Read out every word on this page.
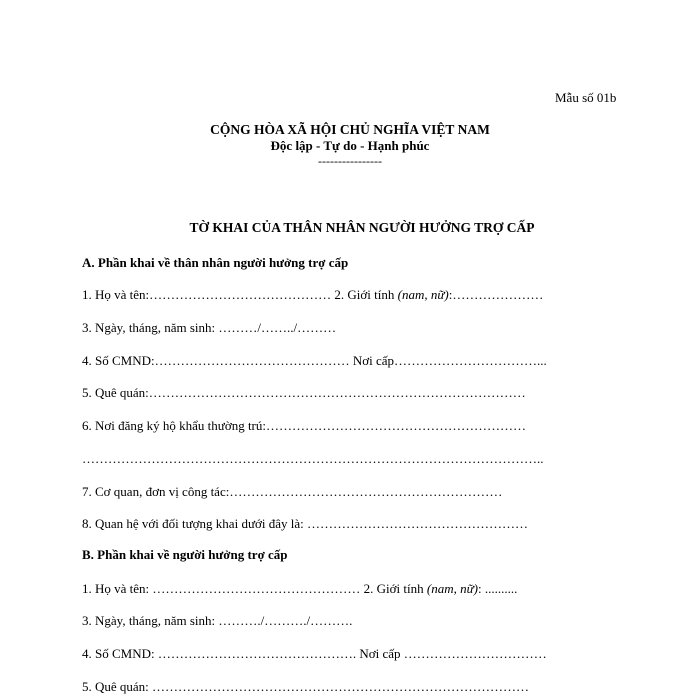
Mẫu số 01b
CỘNG HÒA XÃ HỘI CHỦ NGHĨA VIỆT NAM
Độc lập - Tự do - Hạnh phúc
----------------
TỜ KHAI CỦA THÂN NHÂN NGƯỜI HƯỞNG TRỢ CẤP
A. Phần khai về thân nhân người hưởng trợ cấp
1. Họ và tên:…………………………………… 2. Giới tính (nam, nữ):…………………
3. Ngày, tháng, năm sinh: ………/……../………
4. Số CMND:……………………………………… Nơi cấp……………………………...
5. Quê quán:……………………………………………………………………………
6. Nơi đăng ký hộ khẩu thường trú:……………………………………………………
……………………………………………………………………………………………..
7. Cơ quan, đơn vị công tác:………………………………………………………
8. Quan hệ với đối tượng khai dưới đây là: ……………………………………………
B. Phần khai về người hưởng trợ cấp
1. Họ và tên: ………………………………………… 2. Giới tính (nam, nữ): ..........
3. Ngày, tháng, năm sinh: ………./………./……….
4. Số CMND: ………………………………………. Nơi cấp ……………………………
5. Quê quán: ……………………………………………………………………………
